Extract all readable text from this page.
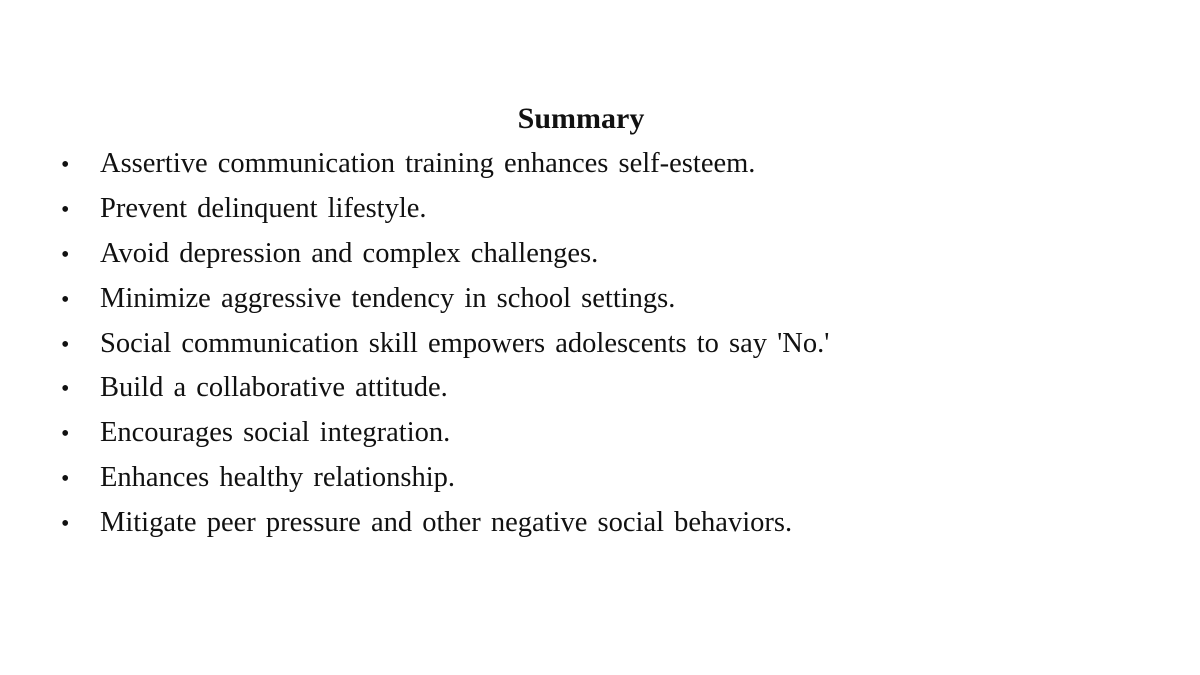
Summary
•	Assertive communication training enhances self-esteem.
•	Prevent delinquent lifestyle.
•	Avoid depression and complex challenges.
•	Minimize aggressive tendency in school settings.
•	Social communication skill empowers adolescents to say 'No.'
•	Build a collaborative attitude.
•	Encourages social integration.
•	Enhances healthy relationship.
•	Mitigate peer pressure and other negative social behaviors.
